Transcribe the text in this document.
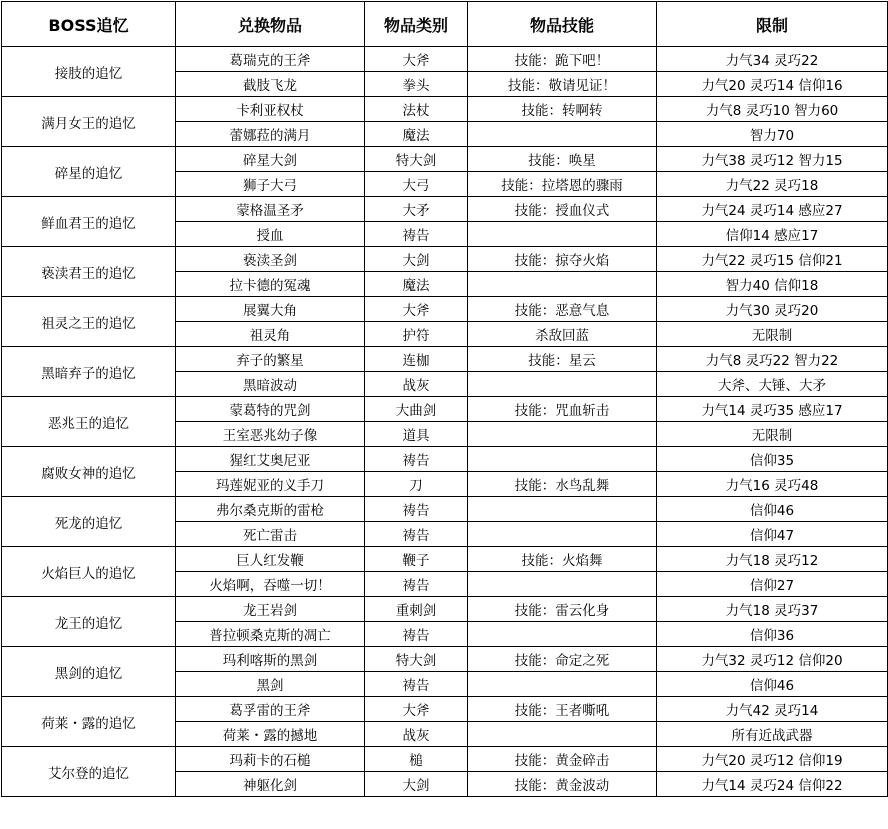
BOSS追忆	兑换物品	物品类别	物品技能	限制
接肢的追忆	葛瑞克的王斧	大斧	技能：跪下吧！	力气34 灵巧22
	截肢飞龙	拳头	技能：敬请见证！	力气20 灵巧14 信仰16
满月女王的追忆	卡利亚权杖	法杖	技能：转啊转	力气8 灵巧10 智力60
	蕾娜菈的满月	魔法		智力70
碎星的追忆	碎星大剑	特大剑	技能：唤星	力气38 灵巧12 智力15
	狮子大弓	大弓	技能：拉塔恩的骤雨	力气22 灵巧18
鲜血君王的追忆	蒙格温圣矛	大矛	技能：授血仪式	力气24 灵巧14 感应27
	授血	祷告		信仰14 感应17
亵渎君王的追忆	亵渎圣剑	大剑	技能：掠夺火焰	力气22 灵巧15 信仰21
	拉卡德的冤魂	魔法		智力40 信仰18
祖灵之王的追忆	展翼大角	大斧	技能：恶意气息	力气30 灵巧20
	祖灵角	护符	杀敌回蓝	无限制
黑暗弃子的追忆	弃子的繁星	连枷	技能：星云	力气8 灵巧22 智力22
	黑暗波动	战灰		大斧、大锤、大矛
恶兆王的追忆	蒙葛特的咒剑	大曲剑	技能：咒血斩击	力气14 灵巧35 感应17
	王室恶兆幼子像	道具		无限制
腐败女神的追忆	猩红艾奥尼亚	祷告		信仰35
	玛莲妮亚的义手刀	刀	技能：水鸟乱舞	力气16 灵巧48
死龙的追忆	弗尔桑克斯的雷枪	祷告		信仰46
	死亡雷击	祷告		信仰47
火焰巨人的追忆	巨人红发鞭	鞭子	技能：火焰舞	力气18 灵巧12
	火焰啊，吞噬一切！	祷告		信仰27
龙王的追忆	龙王岩剑	重刺剑	技能：雷云化身	力气18 灵巧37
	普拉顿桑克斯的凋亡	祷告		信仰36
黑剑的追忆	玛利喀斯的黑剑	特大剑	技能：命定之死	力气32 灵巧12 信仰20
	黑剑	祷告		信仰46
荷莱・露的追忆	葛孚雷的王斧	大斧	技能：王者嘶吼	力气42 灵巧14
	荷莱・露的撼地	战灰		所有近战武器
艾尔登的追忆	玛莉卡的石槌	槌	技能：黄金碎击	力气20 灵巧12 信仰19
	神躯化剑	大剑	技能：黄金波动	力气14 灵巧24 信仰22
